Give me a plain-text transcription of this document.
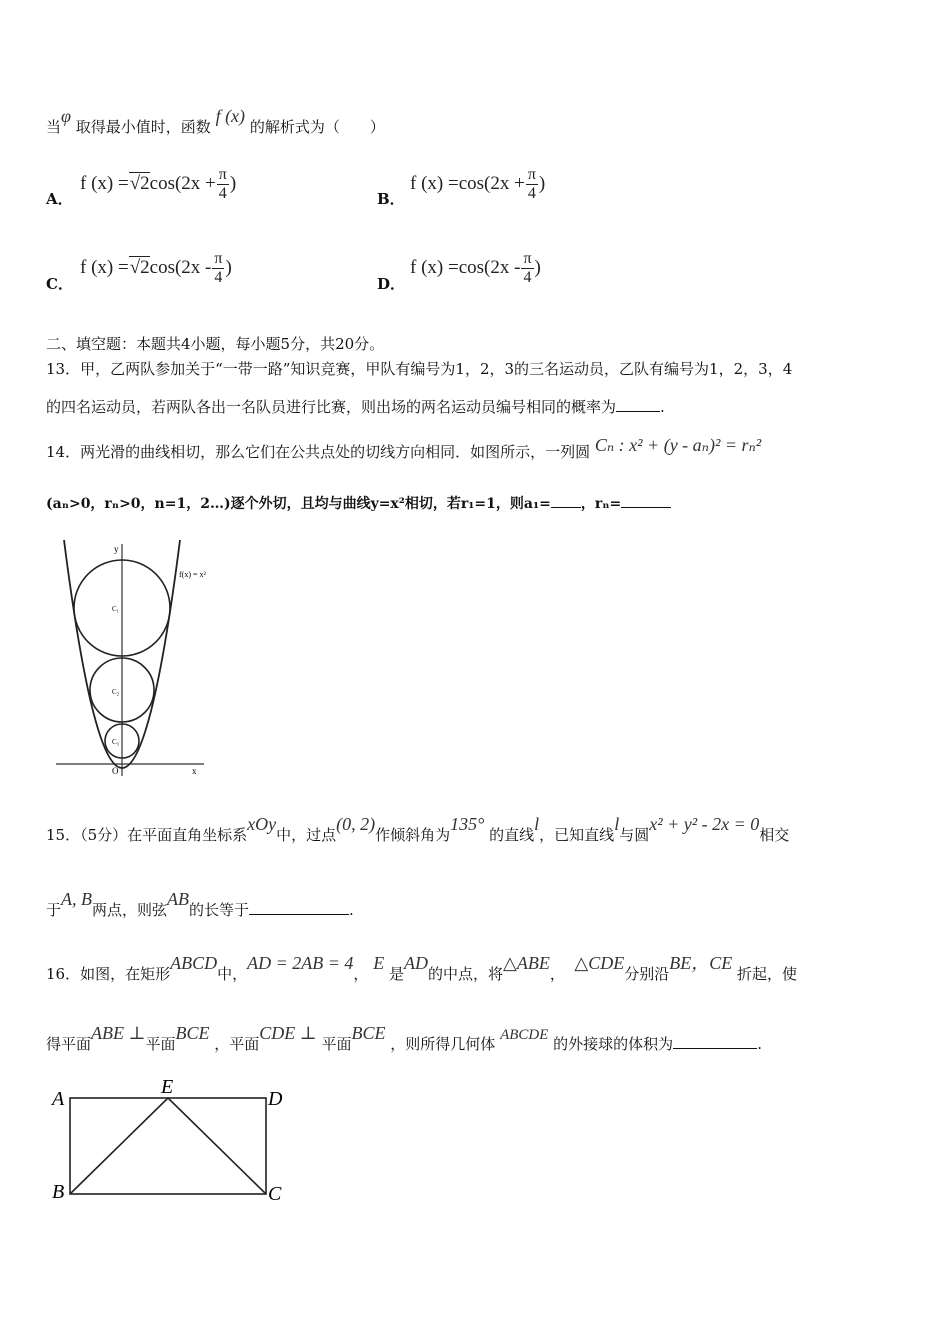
当φ 取得最小值时，函数 f (x) 的解析式为（　　）
A．
f $(x) =√2\cos(2x + \frac{\pi}{4}$ )
B．
f $(x) =\cos(2x + \frac{\pi}{4}$ )
C．
f $(x) =√2\cos(2x - \frac{\pi}{4}$ )
D．
f $(x) =\cos(2x - \frac{\pi}{4}$ )
二、填空题：本题共4小题，每小题5分，共20分。
13．甲，乙两队参加关于“一带一路”知识竞赛，甲队有编号为1，2，3的三名运动员，乙队有编号为1，2，3，4
的四名运动员，若两队各出一名队员进行比赛，则出场的两名运动员编号相同的概率为	.
14．两光滑的曲线相切，那么它们在公共点处的切线方向相同．如图所示，一列圆 Cₙ : x² + (y - aₙ)² = rₙ²
(aₙ>0，rₙ>0，n=1，2…)逐个外切，且均与曲线y=x²相切，若r₁=1，则a₁= ，rₙ=
y
x
O
f(x) = x²
C₁
C₂
C₃
15．（5分）在平面直角坐标系xOy中，过点(0, 2)作倾斜角为135° 的直线l，已知直线l与圆x² + y² - 2x = 0相交
于A, B两点，则弦AB的长等于	.
16．如图，在矩形ABCD中，AD = 2AB = 4， E 是AD的中点，将△ABE，  △CDE分别沿BE，CE 折起，使
得平面ABE ⊥平面BCE ，平面CDE ⊥ 平面BCE ，则所得几何体 ABCDE 的外接球的体积为	.
A
E
D
B	C
